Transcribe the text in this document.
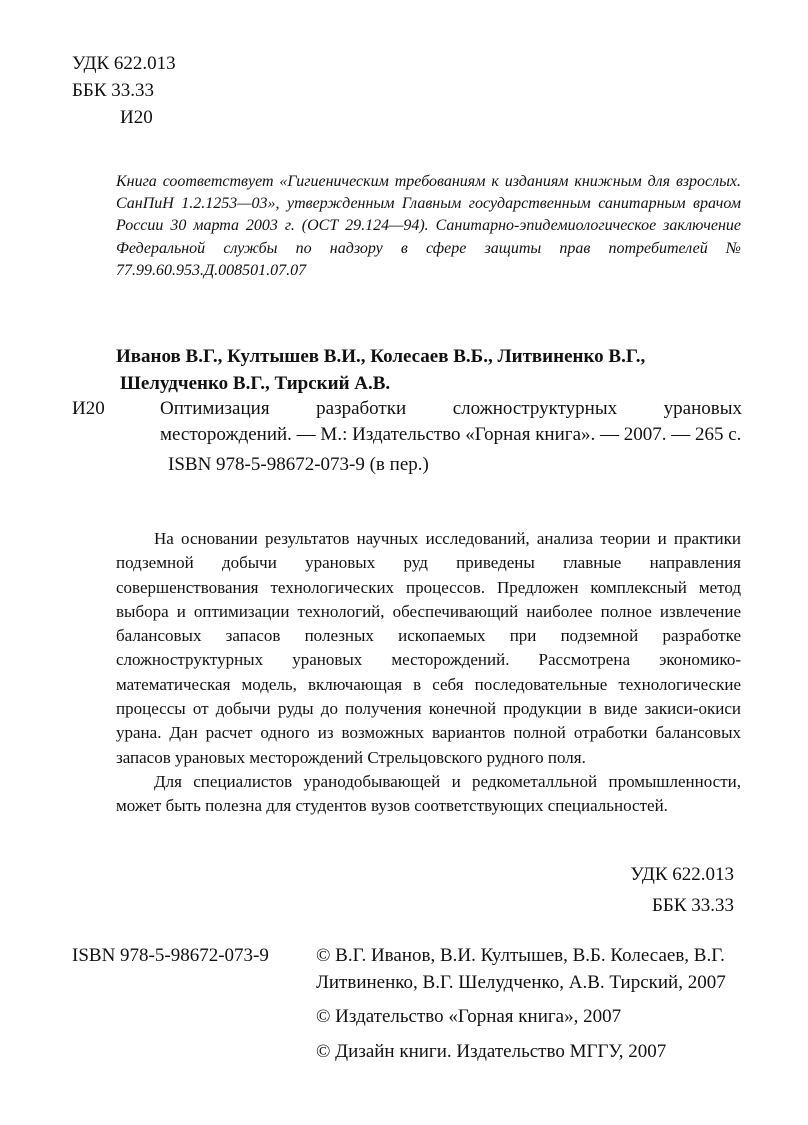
УДК 622.013
ББК 33.33
И20
Книга соответствует «Гигиеническим требованиям к изданиям книжным для взрослых. СанПиН 1.2.1253—03», утвержденным Главным государственным санитарным врачом России 30 марта 2003 г. (ОСТ 29.124—94). Санитарно-эпидемиологическое заключение Федеральной службы по надзору в сфере защиты прав потребителей № 77.99.60.953.Д.008501.07.07
Иванов В.Г., Култышев В.И., Колесаев В.Б., Литвиненко В.Г.,
Шелудченко В.Г., Тирский А.В.
И20	Оптимизация разработки сложноструктурных урановых месторождений. — М.: Издательство «Горная книга». — 2007. — 265 с.
ISBN 978-5-98672-073-9 (в пер.)

На основании результатов научных исследований, анализа теории и практики подземной добычи урановых руд приведены главные направления совершенствования технологических процессов. Предложен комплексный метод выбора и оптимизации технологий, обеспечивающий наиболее полное извлечение балансовых запасов полезных ископаемых при подземной разработке сложноструктурных урановых месторождений. Рассмотрена экономико-математическая модель, включающая в себя последовательные технологические процессы от добычи руды до получения конечной продукции в виде закиси-окиси урана. Дан расчет одного из возможных вариантов полной отработки балансовых запасов урановых месторождений Стрельцовского рудного поля.

Для специалистов уранодобывающей и редкометалльной промышленности, может быть полезна для студентов вузов соответствующих специальностей.

УДК 622.013
ББК 33.33
ISBN 978-5-98672-073-9	© В.Г. Иванов, В.И. Култышев, В.Б. Колесаев, В.Г. Литвиненко, В.Г. Шелудченко, А.В. Тирский, 2007
© Издательство «Горная книга», 2007
© Дизайн книги. Издательство МГГУ, 2007
